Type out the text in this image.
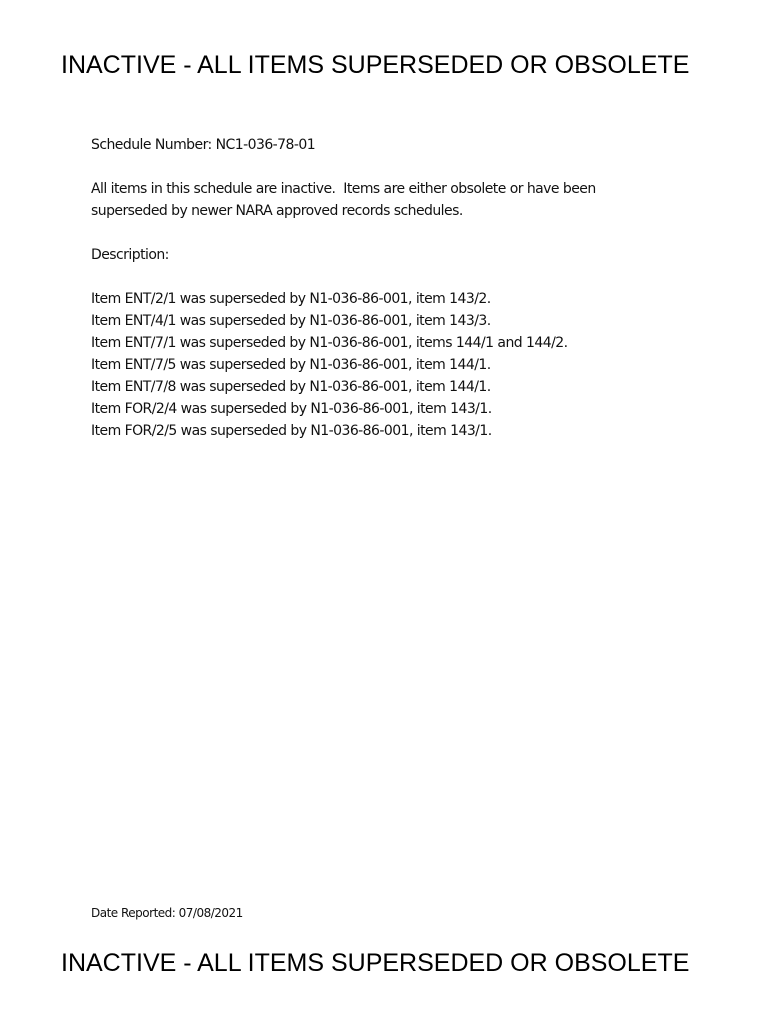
INACTIVE - ALL ITEMS SUPERSEDED OR OBSOLETE

Schedule Number: NC1-036-78-01

All items in this schedule are inactive.  Items are either obsolete or have been

superseded by newer NARA approved records schedules.

Description:

Item ENT/2/1 was superseded by N1-036-86-001, item 143/2.

Item ENT/4/1 was superseded by N1-036-86-001, item 143/3.

Item ENT/7/1 was superseded by N1-036-86-001, items 144/1 and 144/2.

Item ENT/7/5 was superseded by N1-036-86-001, item 144/1.

Item ENT/7/8 was superseded by N1-036-86-001, item 144/1.

Item FOR/2/4 was superseded by N1-036-86-001, item 143/1.

Item FOR/2/5 was superseded by N1-036-86-001, item 143/1.

Date Reported: 07/08/2021
INACTIVE - ALL ITEMS SUPERSEDED OR OBSOLETE
